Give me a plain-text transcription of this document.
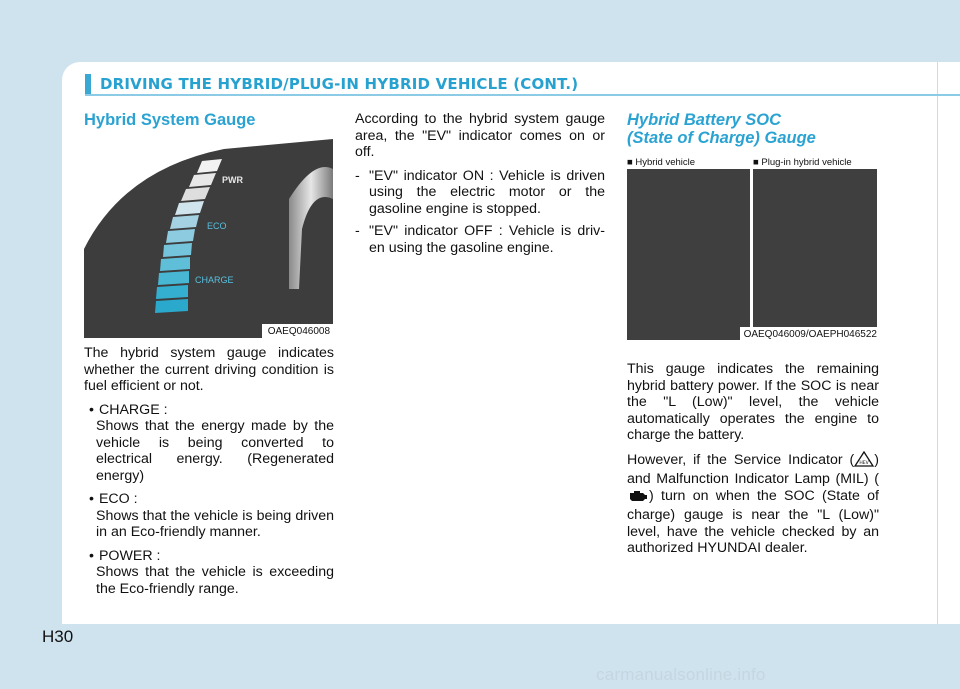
DRIVING THE HYBRID/PLUG-IN HYBRID VEHICLE (CONT.)
Hybrid System Gauge
PWR
ECO
CHARGE
OAEQ046008

The hybrid system gauge indicates whether the current driving condition is fuel efficient or not.

• CHARGE :
Shows that the energy made by the vehicle is being converted to electrical energy. (Regenerated energy)
• ECO :
Shows that the vehicle is being driven in an Eco-friendly manner.
• POWER :
Shows that the vehicle is exceeding the Eco-friendly range.

According to the hybrid system gauge area, the "EV" indicator comes on or off.

- "EV" indicator ON : Vehicle is driven using the electric motor or the gasoline engine is stopped.
- "EV" indicator OFF : Vehicle is driv- en using the gasoline engine.
Hybrid Battery SOC
(State of Charge) Gauge
■ Hybrid vehicle	■ Plug-in hybrid vehicle
OAEQ046009/OAEPH046522

This gauge indicates the remaining hybrid battery power. If the SOC is near the "L (Low)" level, the vehicle automatically operates the engine to charge the battery.

However, if the Service Indicator ( HEV ) and Malfunction Indicator Lamp (MIL) () turn on when the SOC (State of charge) gauge is near the "L (Low)" level, have the vehicle checked by an authorized HYUNDAI dealer.

H30
carmanualsonline.info
